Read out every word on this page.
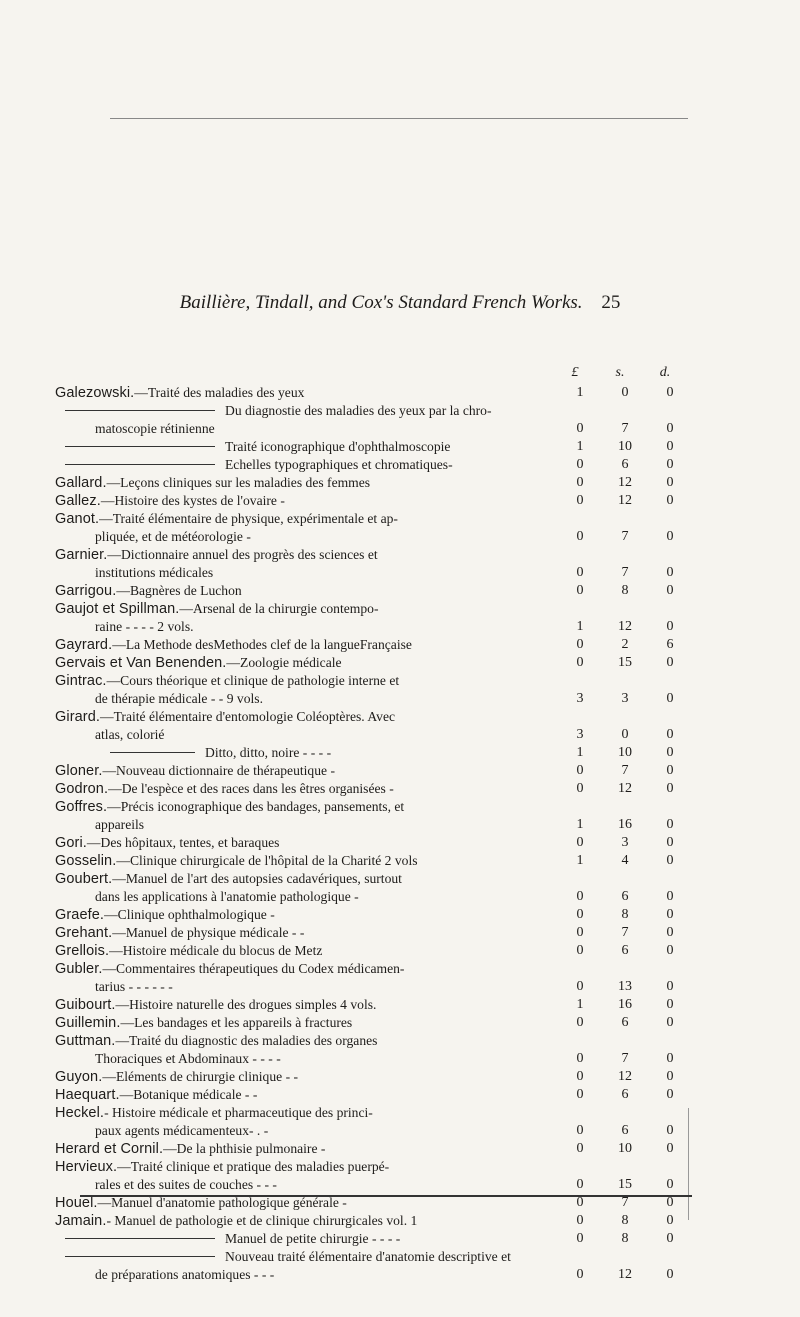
Baillière, Tindall, and Cox's Standard French Works. 25
£	s.	d.
Galezowski.—Traité des maladies des yeux	1	0	0
Du diagnostie des maladies des yeux par la chro-
matoscopie rétinienne	0	7	0
Traité iconographique d'ophthalmoscopie	1	10	0
Echelles typographiques et chromatiques-	0	6	0
Gallard.—Leçons cliniques sur les maladies des femmes	0	12	0
Gallez.—Histoire des kystes de l'ovaire -	0	12	0
Ganot.—Traité élémentaire de physique, expérimentale et ap-
pliquée, et de météorologie -	0	7	0
Garnier.—Dictionnaire annuel des progrès des sciences et
institutions médicales	0	7	0
Garrigou.—Bagnères de Luchon	0	8	0
Gaujot et Spillman.—Arsenal de la chirurgie contempo-
raine - - - - 2 vols.	1	12	0
Gayrard.—La Methode desMethodes clef de la langueFrançaise	0	2	6
Gervais et Van Benenden.—Zoologie médicale	0	15	0
Gintrac.—Cours théorique et clinique de pathologie interne et
de thérapie médicale - - 9 vols.	3	3	0
Girard.—Traité élémentaire d'entomologie Coléoptères. Avec
atlas, colorié	3	0	0
Ditto, ditto, noire - - - -	1	10	0
Gloner.—Nouveau dictionnaire de thérapeutique -	0	7	0
Godron.—De l'espèce et des races dans les êtres organisées -	0	12	0
Goffres.—Précis iconographique des bandages, pansements, et
appareils	1	16	0
Gori.—Des hôpitaux, tentes, et baraques	0	3	0
Gosselin.—Clinique chirurgicale de l'hôpital de la Charité 2 vols	1	4	0
Goubert.—Manuel de l'art des autopsies cadavériques, surtout
dans les applications à l'anatomie pathologique -	0	6	0
Graefe.—Clinique ophthalmologique -	0	8	0
Grehant.—Manuel de physique médicale - -	0	7	0
Grellois.—Histoire médicale du blocus de Metz	0	6	0
Gubler.—Commentaires thérapeutiques du Codex médicamen-
tarius - - - - - -	0	13	0
Guibourt.—Histoire naturelle des drogues simples 4 vols.	1	16	0
Guillemin.—Les bandages et les appareils à fractures	0	6	0
Guttman.—Traité du diagnostic des maladies des organes
Thoraciques et Abdominaux - - - -	0	7	0
Guyon.—Eléments de chirurgie clinique - -	0	12	0
Haequart.—Botanique médicale - -	0	6	0
Heckel.- Histoire médicale et pharmaceutique des princi-
paux agents médicamenteux- . -	0	6	0
Herard et Cornil.—De la phthisie pulmonaire -	0	10	0
Hervieux.—Traité clinique et pratique des maladies puerpé-
rales et des suites de couches - - -	0	15	0
Houel.—Manuel d'anatomie pathologique générale -	0	7	0
Jamain.- Manuel de pathologie et de clinique chirurgicales vol. 1	0	8	0
Manuel de petite chirurgie - - - -	0	8	0
Nouveau traité élémentaire d'anatomie descriptive et
de préparations anatomiques - - -	0	12	0
